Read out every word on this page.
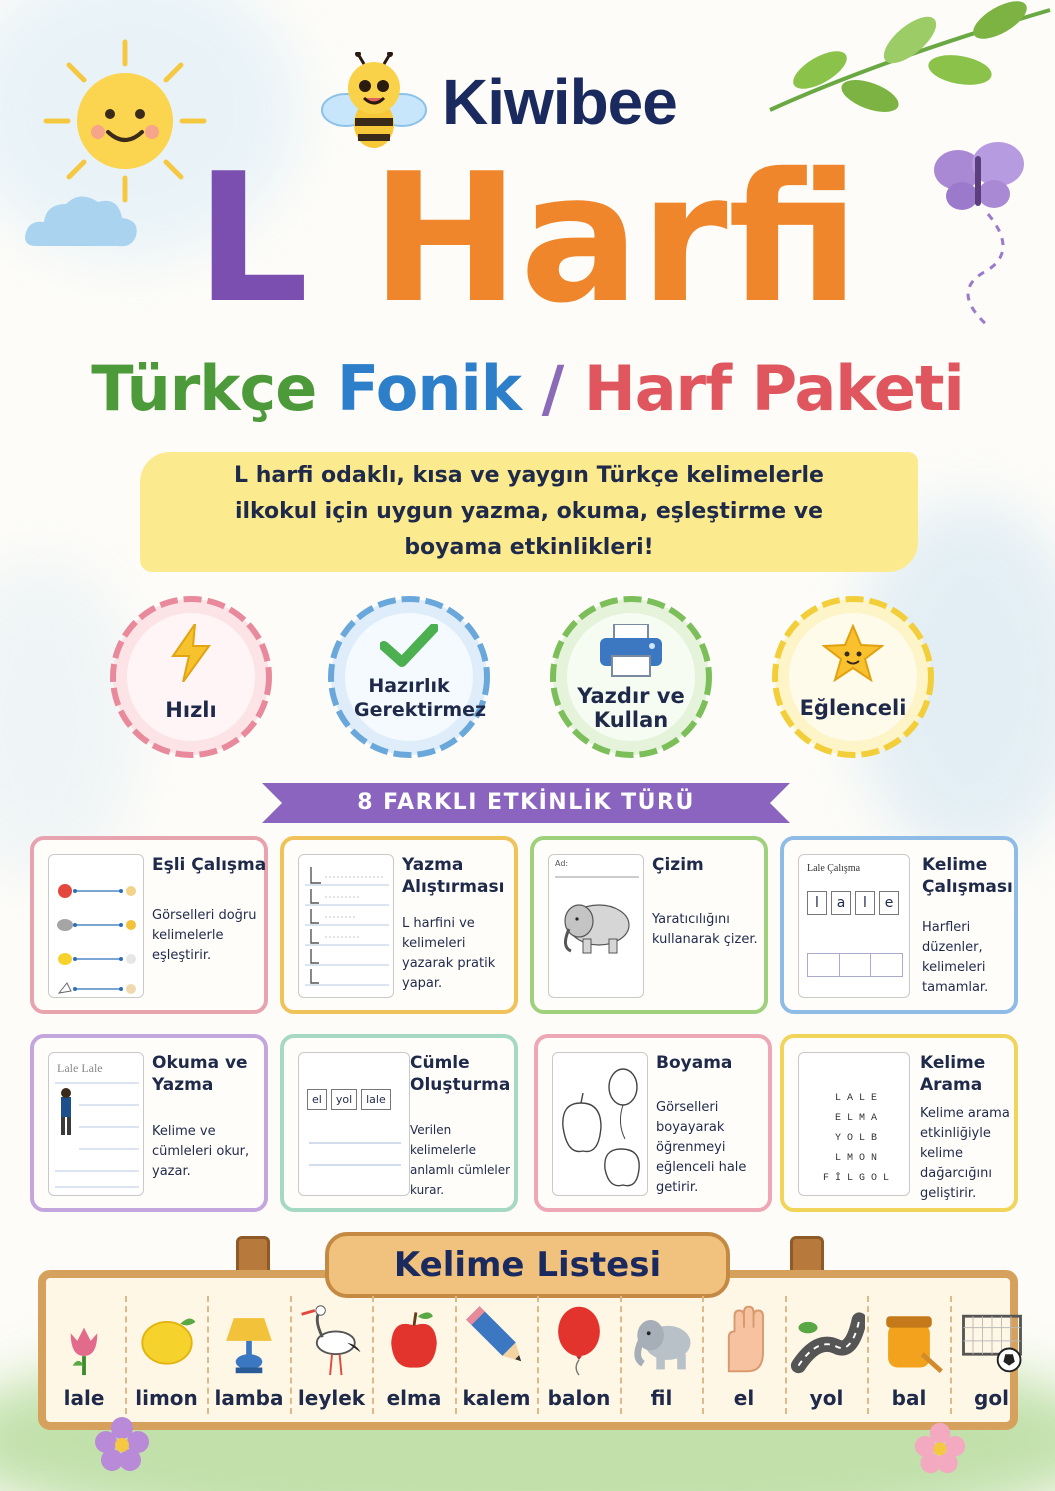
Kiwibee
L Harfi
Türkçe Fonik / Harf Paketi

L harfi odaklı, kısa ve yaygın Türkçe kelimelerle ilkokul için uygun yazma, okuma, eşleştirme ve boyama etkinlikleri!

Hızlı
Hazırlık Gerektirmez
Yazdır ve Kullan	Eğlenceli
8 FARKLI ETKİNLİK TÜRÜ
Eşli Çalışma
Görselleri doğru kelimelerle eşleştirir.
Yazma Alıştırması
L harfini ve kelimeleri yazarak pratik yapar.
Ad:	Çizim
Yaratıcılığını kullanarak çizer.
Lale Çalışma
l	a	l	e
Kelime Çalışması
Harfleri düzenler, kelimeleri tamamlar.
Lale Lale	Okuma ve Yazma
Kelime ve cümleleri okur, yazar.
el	yol	lale
Cümle Oluşturma
Verilen kelimelerle anlamlı cümleler kurar.
Boyama
Görselleri boyayarak öğrenmeyi eğlenceli hale getirir.
L A L E
E L M A
Y O L B
L M O N
F İ L G O L
Kelime Arama
Kelime arama etkinliğiyle kelime dağarcığını geliştirir.
Kelime Listesi
lale	limon lamba leylek	elma	kalem balon	fil	el	yol	bal	gol
